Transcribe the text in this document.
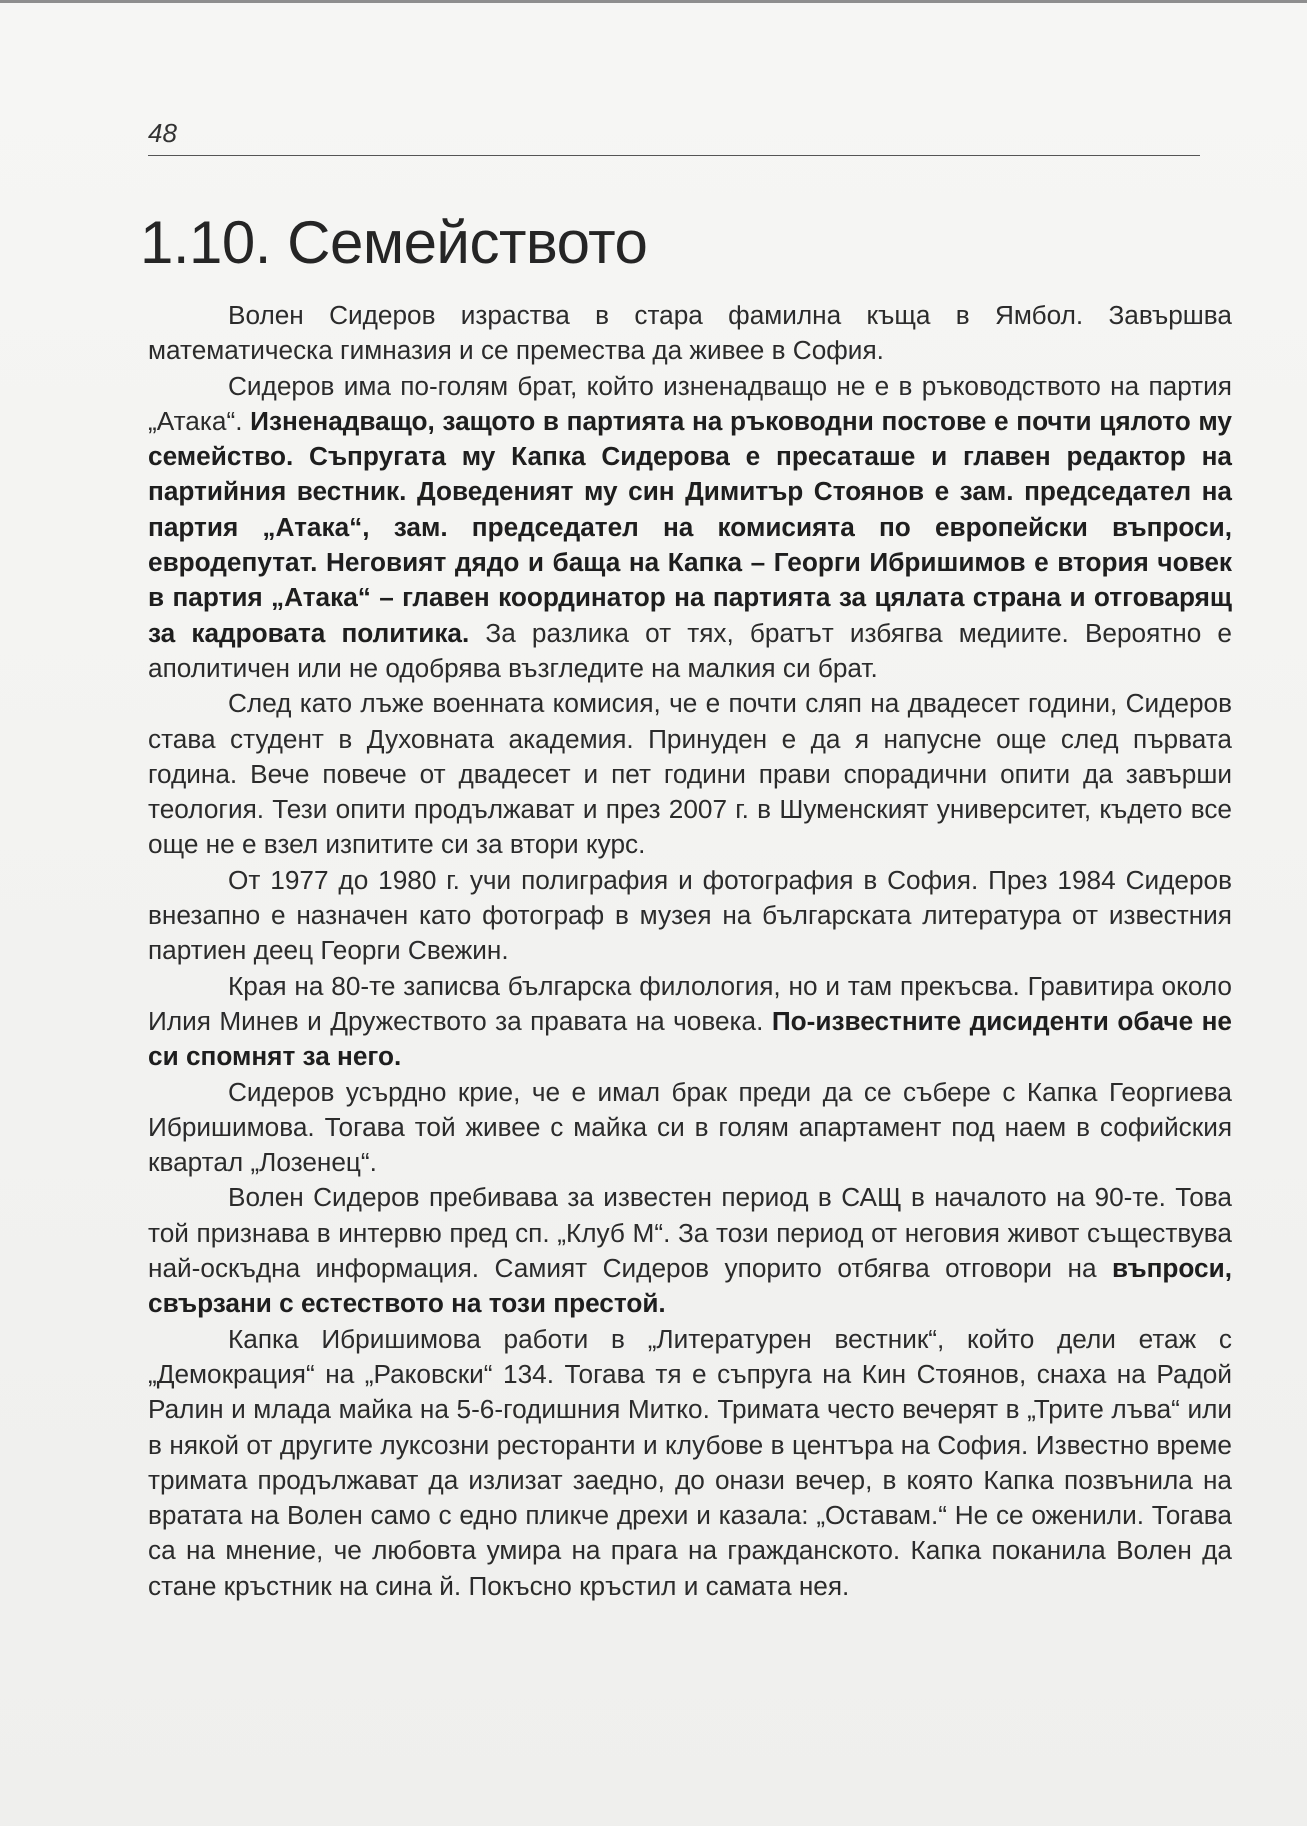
48
1.10. Семейството

Волен Сидеров израства в стара фамилна къща в Ямбол. Завършва математическа гимназия и се премества да живее в София.

Сидеров има по-голям брат, който изненадващо не е в ръководството на партия „Атака“. Изненадващо, защото в партията на ръководни постове е почти цялото му семейство. Съпругата му Капка Сидерова е пресаташе и главен редактор на партийния вестник. Доведеният му син Димитър Стоянов е зам. председател на партия „Атака“, зам. председател на комисията по европейски въпроси, евродепутат. Неговият дядо и баща на Капка – Георги Ибришимов е втория човек в партия „Атака“ – главен координатор на партията за цялата страна и отговарящ за кадровата политика. За разлика от тях, братът избягва медиите. Вероятно е аполитичен или не одобрява възгледите на малкия си брат.

След като лъже военната комисия, че е почти сляп на двадесет години, Сидеров става студент в Духовната академия. Принуден е да я напусне още след първата година. Вече повече от двадесет и пет години прави спорадични опити да завърши теология. Тези опити продължават и през 2007 г. в Шуменският университет, където все още не е взел изпитите си за втори курс.

От 1977 до 1980 г. учи полиграфия и фотография в София. През 1984 Сидеров внезапно е назначен като фотограф в музея на българската литература от известния партиен деец Георги Свежин.

Края на 80-те записва българска филология, но и там прекъсва. Гравитира около Илия Минев и Дружеството за правата на човека. По-известните дисиденти обаче не си спомнят за него.

Сидеров усърдно крие, че е имал брак преди да се събере с Капка Георгиева Ибришимова. Тогава той живее с майка си в голям апартамент под наем в софийския квартал „Лозенец“.

Волен Сидеров пребивава за известен период в САЩ в началото на 90-те. Това той признава в интервю пред сп. „Клуб М“. За този период от неговия живот съществува най-оскъдна информация. Самият Сидеров упорито отбягва отговори на въпроси, свързани с естеството на този престой.

Капка Ибришимова работи в „Литературен вестник“, който дели етаж с „Демокрация“ на „Раковски“ 134. Тогава тя е съпруга на Кин Стоянов, снаха на Радой Ралин и млада майка на 5-6-годишния Митко. Тримата често вечерят в „Трите лъва“ или в някой от другите луксозни ресторанти и клубове в центъра на София. Известно време тримата продължават да излизат заедно, до онази вечер, в която Капка позвънила на вратата на Волен само с едно пликче дрехи и казала: „Оставам.“ Не се оженили. Тогава са на мнение, че любовта умира на прага на гражданското. Капка поканила Волен да стане кръстник на сина й. Покъсно кръстил и самата нея.
